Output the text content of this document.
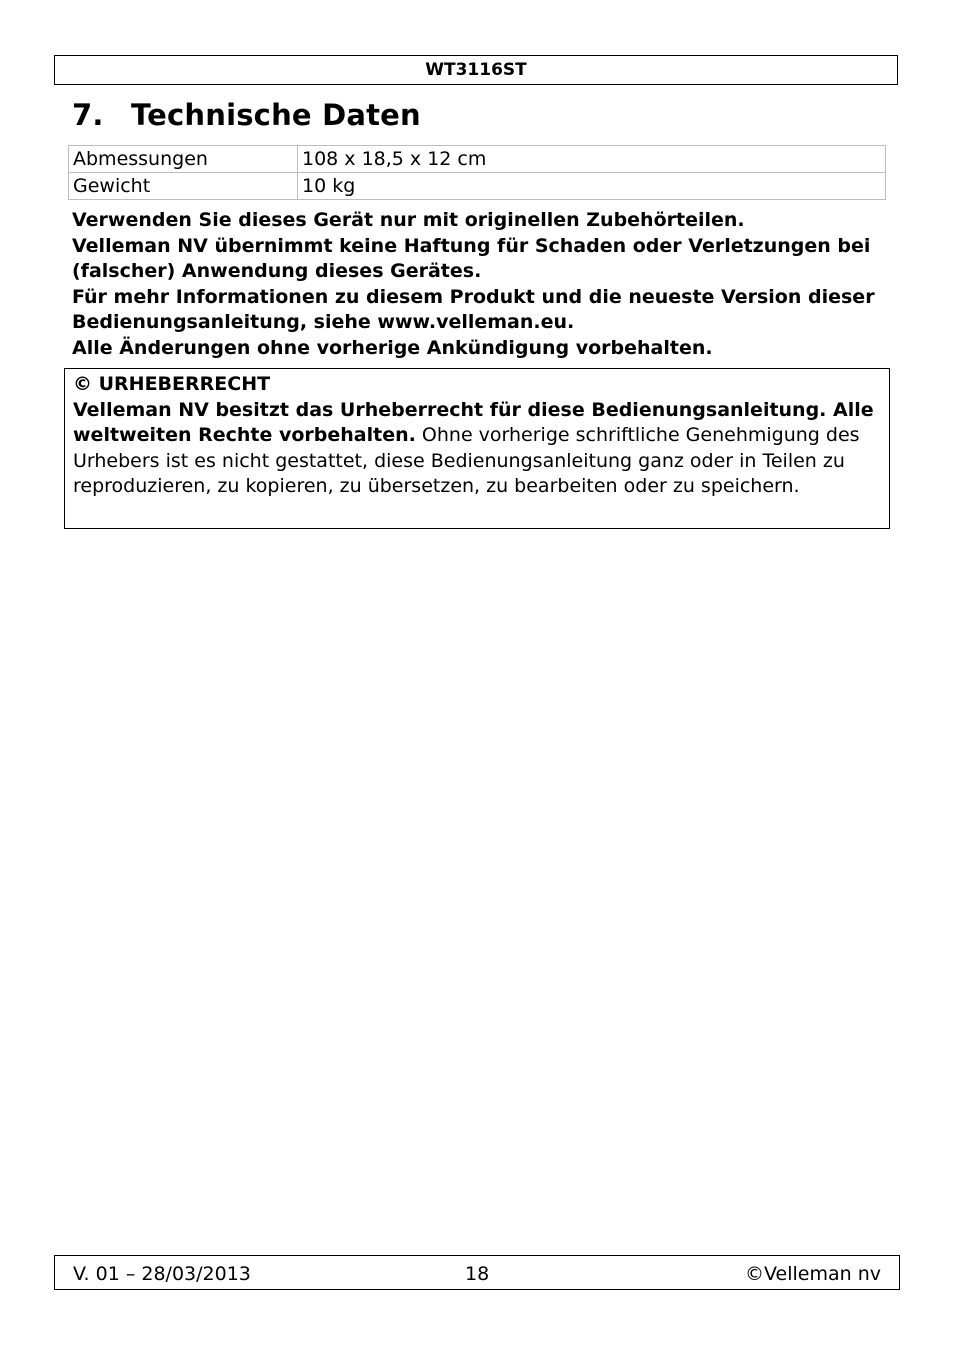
WT3116ST
7. Technische Daten
Abmessungen	108 x 18,5 x 12 cm
Gewicht	10 kg

Verwenden Sie dieses Gerät nur mit originellen Zubehörteilen.

Velleman NV übernimmt keine Haftung für Schaden oder Verletzungen bei (falscher) Anwendung dieses Gerätes.

Für mehr Informationen zu diesem Produkt und die neueste Version dieser Bedienungsanleitung, siehe www.velleman.eu.

Alle Änderungen ohne vorherige Ankündigung vorbehalten.

© URHEBERRECHT

Velleman NV besitzt das Urheberrecht für diese Bedienungsanleitung. Alle weltweiten Rechte vorbehalten. Ohne vorherige schriftliche Genehmigung des Urhebers ist es nicht gestattet, diese Bedienungsanleitung ganz oder in Teilen zu reproduzieren, zu kopieren, zu übersetzen, zu bearbeiten oder zu speichern.

V. 01 – 28/03/2013	18	©Velleman nv
